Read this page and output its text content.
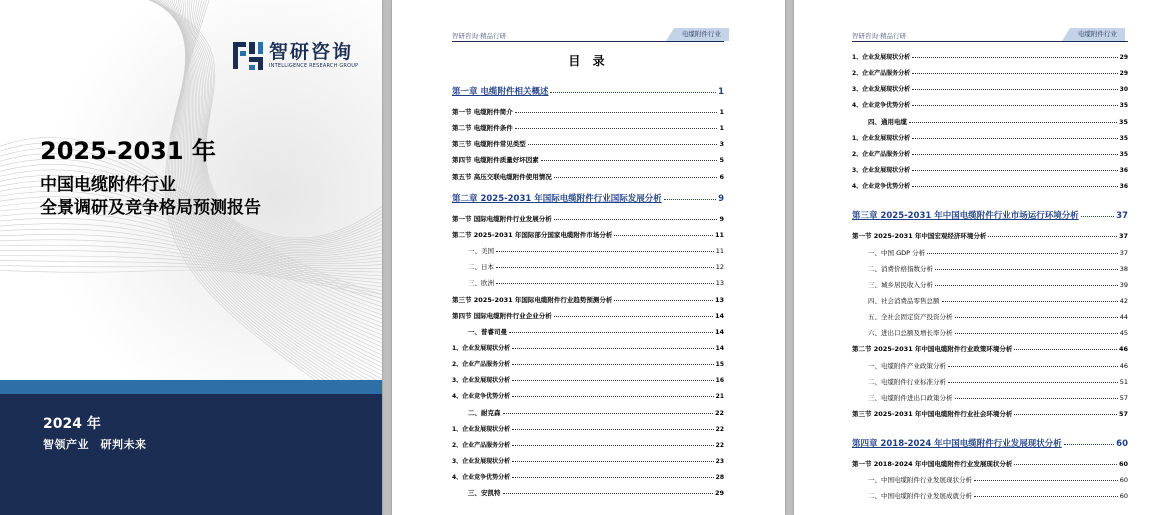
智研咨询
INTELLIGENCE RESEARCH GROUP
2025-2031 年
中国电缆附件行业
全景调研及竞争格局预测报告
2024 年
智领产业　研判未来
智研咨询·精品行研	电缆附件行业
目 录
第一章 电缆附件相关概述	1
第一节 电缆附件简介	1
第二节 电缆附件条件	1
第三节 电缆附件常见类型	3
第四节 电缆附件质量好坏因素	5
第五节 高压交联电缆附件使用情况	6
第二章 2025-2031 年国际电缆附件行业国际发展分析	9
第一节 国际电缆附件行业发展分析	9
第二节 2025-2031 年国际部分国家电缆附件市场分析	11
一、美国	11
二、日本	12
三、欧洲	13
第三节 2025-2031 年国际电缆附件行业趋势预测分析	13
第四节 国际电缆附件行业企业分析	14
一、普睿司曼	14
1、企业发展现状分析	14
2、企业产品服务分析	15
3、企业发展现状分析	16
4、企业竞争优势分析	21
二、耐克森	22
1、企业发展现状分析	22
2、企业产品服务分析	22
3、企业发展现状分析	23
4、企业竞争优势分析	28
三、安凯特	29
智研咨询·精品行研	电缆附件行业
1、企业发展现状分析	29
2、企业产品服务分析	29
3、企业发展现状分析	30
4、企业竞争优势分析	35
四、通用电缆	35
1、企业发展现状分析	35
2、企业产品服务分析	35
3、企业发展现状分析	36
4、企业竞争优势分析	36
第三章 2025-2031 年中国电缆附件行业市场运行环境分析	37
第一节 2025-2031 年中国宏观经济环境分析	37
一、中国 GDP 分析	37
二、消费价格指数分析	38
三、城乡居民收入分析	39
四、社会消费品零售总额	42
五、全社会固定资产投资分析	44
六、进出口总额及增长率分析	45
第二节 2025-2031 年中国电缆附件行业政策环境分析	46
一、电缆附件产业政策分析	46
二、电缆附件行业标准分析	51
三、电缆附件进出口政策分析	57
第三节 2025-2031 年中国电缆附件行业社会环境分析	57
第四章 2018-2024 年中国电缆附件行业发展现状分析	60
第一节 2018-2024 年中国电缆附件行业发展现状分析	60
一、中国电缆附件行业发展现状分析	60
二、中国电缆附件行业发展成就分析	60
